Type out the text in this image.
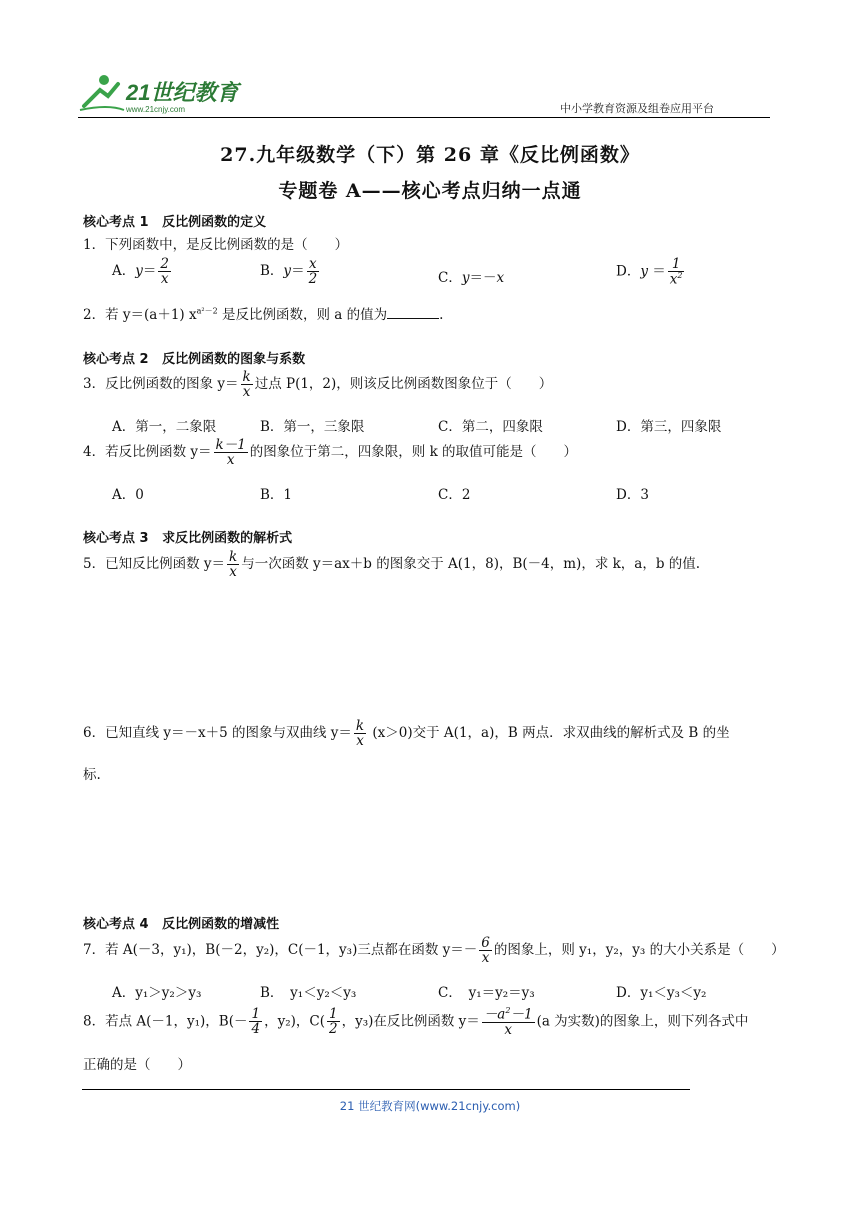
21世纪教育
www.21cnjy.com	中小学教育资源及组卷应用平台
27.九年级数学（下）第 26 章《反比例函数》
专题卷 A——核心考点归纳一点通
核心考点 1 反比例函数的定义
1．下列函数中，是反比例函数的是（　　）
A．$y= \frac{2}{x}$	B．$y= \frac{x}{2}$	C．y＝－x	D．$y = \frac{1}{x^2}$
2．若 y＝(a＋1) $x^{a^2-2}$ 是反比例函数，则 a 的值为	.
核心考点 2 反比例函数的图象与系数
3．反比例函数的图象 $y= \frac{k}{x}$ 过点 P(1，2)，则该反比例函数图象位于（　　）
A．第一，二象限	B．第一，三象限	C．第二，四象限	D．第三，四象限
4．若反比例函数 $y= \frac{k-1}{x}$ 的图象位于第二，四象限，则 k 的取值可能是（　　）
A．0	B．1	C．2	D．3
核心考点 3 求反比例函数的解析式
5．已知反比例函数 $y= \frac{k}{x}$ 与一次函数 y＝ax＋b 的图象交于 A(1，8)，B(－4，m)，求 k，a，b 的值.
6．已知直线 y＝－x＋5 的图象与双曲线 $y= \frac{k}{x} (x>0)$交于 A(1，a)，B 两点．求双曲线的解析式及 B 的坐
标.
核心考点 4 反比例函数的增减性
7．若 A(－3，y₁)，B(－2，y₂)，C(－1，y₃)三点都在函数 $y=- \frac{6}{x}$ 的图象上，则 y₁，y₂，y₃ 的大小关系是（　　）
A．y₁＞y₂＞y₃	B．　y₁＜y₂＜y₃	C．　y₁＝y₂＝y₃	D．y₁＜y₃＜y₂
8．若点 A(－1，y₁)，$B(- \frac{1}{4}$ ，y₂)，$C( \frac{1}{2}$ ，y₃)在反比例函数 $y= \frac{-a^2-1}{x} (a$ 为实数)的图象上，则下列各式中
正确的是（　　）
21 世纪教育网(www.21cnjy.com)
